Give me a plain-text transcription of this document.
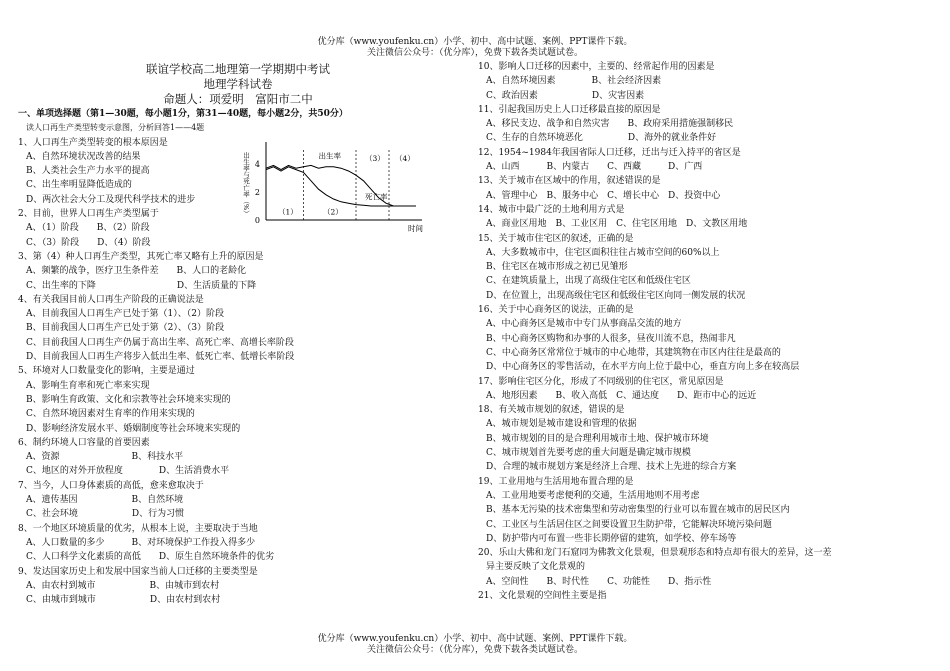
优分库（www.youfenku.cn）小学、初中、高中试题、案例、PPT课件下载。
关注微信公众号：（优分库），免费下载各类试题试卷。
联谊学校高二地理第一学期期中考试
地理学科试卷
命题人：项爱明　富阳市二中
一、单项选择题（第1—30题，每小题1分，第31—40题，每小题2分，共50分）
读人口再生产类型转变示意图，分析回答1——4题
1、人口再生产类型转变的根本原因是
A、自然环境状况改善的结果
B、人类社会生产力水平的提高
C、出生率明显降低造成的
D、两次社会大分工及现代科学技术的进步
2、目前，世界人口再生产类型属于
A、（1）阶段　　B、（2）阶段
C、（3）阶段　　D、（4）阶段
3、第（4）种人口再生产类型，其死亡率又略有上升的原因是
A、频繁的战争，医疗卫生条件差　　B、人口的老龄化
C、出生率的下降　　　　　　　　　D、生活质量的下降
4、有关我国目前人口再生产阶段的正确说法是
A、目前我国人口再生产已处于第（1）、（2）阶段
B、目前我国人口再生产已处于第（2）、（3）阶段
C、目前我国人口再生产仍属于高出生率、高死亡率、高增长率阶段
D、目前我国人口再生产将步入低出生率、低死亡率、低增长率阶段
5、环境对人口数量变化的影响，主要是通过
A、影响生育率和死亡率来实现
B、影响生育政策、文化和宗教等社会环境来实现的
C、自然环境因素对生育率的作用来实现的
D、影响经济发展水平、婚姻制度等社会环境来实现的
6、制约环境人口容量的首要因素
A、资源　　　　　　　　B、科技水平
C、地区的对外开放程度　　　　D、生活消费水平
7、当今，人口身体素质的高低，愈来愈取决于
A、遗传基因　　　　　　B、自然环境
C、社会环境　　　　　　D、行为习惯
8、一个地区环境质量的优劣，从根本上说，主要取决于当地
A、人口数量的多少　　　B、对环境保护工作投入得多少
C、人口科学文化素质的高低　　D、原生自然环境条件的优劣
9、发达国家历史上和发展中国家当前人口迁移的主要类型是
A、由农村到城市　　　　　　B、由城市到农村
C、由城市到城市　　　　　　D、由农村到农村
0
2
4
出生率
死亡率
（1）	（2）
（3） （4）
时间
出生率与死亡率（%）
10、影响人口迁移的因素中，主要的、经常起作用的因素是
A、自然环境因素　　　　B、社会经济因素
C、政治因素　　　　　　D、灾害因素
11、引起我国历史上人口迁移最直接的原因是
A、移民支边、战争和自然灾害　　B、政府采用措施强制移民
C、生存的自然环境恶化　　　　　D、海外的就业条件好
12、1954~1984年我国省际人口迁移，迁出与迁入持平的省区是
A、山西　　　B、内蒙古　　C、西藏　　　D、广西
13、关于城市在区域中的作用，叙述错误的是
A、管理中心　B、服务中心　C、增长中心　D、投资中心
14、城市中最广泛的土地利用方式是
A、商业区用地　B、工业区用　C、住宅区用地　D、文教区用地
15、关于城市住宅区的叙述，正确的是
A、大多数城市中，住宅区面积往往占城市空间的60%以上
B、住宅区在城市形成之初已见雏形
C、在建筑质量上，出现了高级住宅区和低级住宅区
D、在位置上，出现高级住宅区和低级住宅区向同一侧发展的状况
16、关于中心商务区的说法，正确的是
A、中心商务区是城市中专门从事商品交流的地方
B、中心商务区购物和办事的人很多，昼夜川流不息，热闹非凡
C、中心商务区常常位于城市的中心地带，其建筑物在市区内往往是最高的
D、中心商务区的零售活动，在水平方向上位于最中心，垂直方向上多在较高层
17、影响住宅区分化，形成了不同级别的住宅区，常见原因是
A、地形因素　　B、收入高低　C、通达度　　D、距市中心的远近
18、有关城市规划的叙述，错误的是
A、城市规划是城市建设和管理的依据
B、城市规划的目的是合理利用城市土地、保护城市环境
C、城市规划首先要考虑的重大问题是确定城市规模
D、合理的城市规划方案是经济上合理、技术上先进的综合方案
19、工业用地与生活用地布置合理的是
A、工业用地要考虑便利的交通，生活用地则不用考虑
B、基本无污染的技术密集型和劳动密集型的行业可以布置在城市的居民区内
C、工业区与生活居住区之间要设置卫生防护带，它能解决环境污染问题
D、防护带内可布置一些非长期停留的建筑，如学校、停车场等
20、乐山大佛和龙门石窟同为佛教文化景观，但景观形态和特点却有很大的差异，这一差
异主要反映了文化景观的
A、空间性　　B、时代性　　C、功能性　　D、指示性
21、文化景观的空间性主要是指
优分库（www.youfenku.cn）小学、初中、高中试题、案例、PPT课件下载。
关注微信公众号：（优分库），免费下载各类试题试卷。
